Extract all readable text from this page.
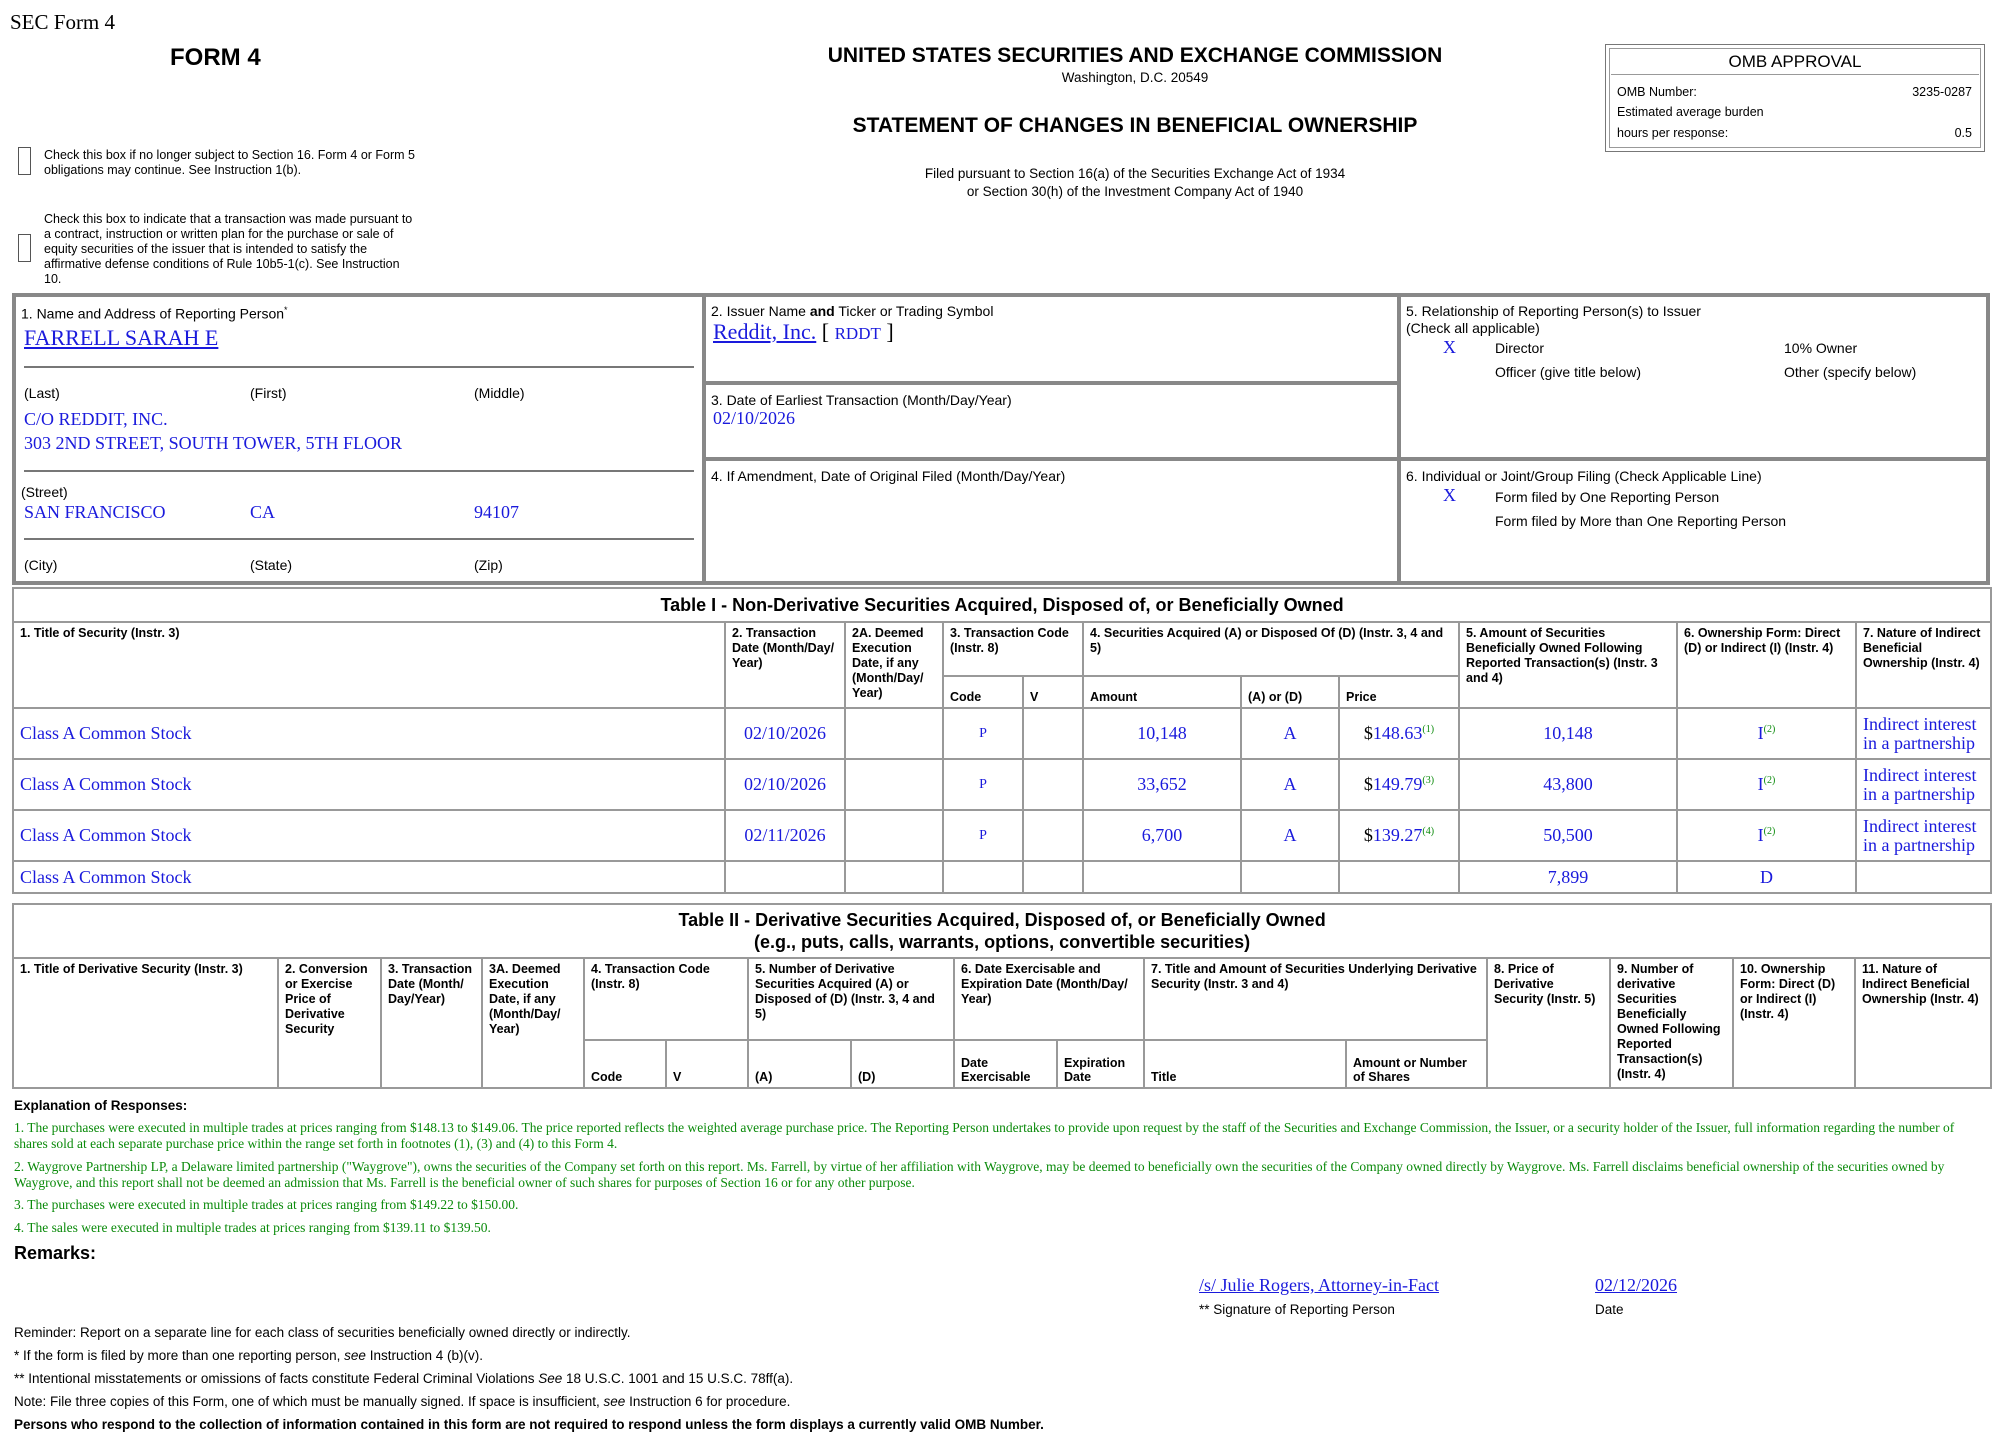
SEC Form 4
FORM 4	UNITED STATES SECURITIES AND EXCHANGE COMMISSION
Washington, D.C. 20549
STATEMENT OF CHANGES IN BENEFICIAL OWNERSHIP
Filed pursuant to Section 16(a) of the Securities Exchange Act of 1934
or Section 30(h) of the Investment Company Act of 1940
Check this box if no longer subject to Section 16. Form 4 or Form 5 obligations may continue. See Instruction 1(b).
Check this box to indicate that a transaction was made pursuant to a contract, instruction or written plan for the purchase or sale of equity securities of the issuer that is intended to satisfy the affirmative defense conditions of Rule 10b5-1(c). See Instruction 10.
OMB APPROVAL
OMB Number:	3235-0287
Estimated average burden
hours per response:	0.5
1. Name and Address of Reporting Person*
FARRELL SARAH E
(Last)	(First)	(Middle)
C/O REDDIT, INC.
303 2ND STREET, SOUTH TOWER, 5TH FLOOR
(Street)
SAN FRANCISCO	CA	94107
(City)	(State)	(Zip)
2. Issuer Name and Ticker or Trading Symbol
Reddit, Inc. [ RDDT ]
3. Date of Earliest Transaction (Month/Day/Year)
02/10/2026
4. If Amendment, Date of Original Filed (Month/Day/Year)
5. Relationship of Reporting Person(s) to Issuer
(Check all applicable)
X	Director	10% Owner
Officer (give title below)	Other (specify below)
6. Individual or Joint/Group Filing (Check Applicable Line)
X	Form filed by One Reporting Person
Form filed by More than One Reporting Person
Table I - Non-Derivative Securities Acquired, Disposed of, or Beneficially Owned										
1. Title of Security (Instr. 3)	2. Transaction Date (Month/Day/ Year)	2A. Deemed Execution Date, if any (Month/Day/ Year)	3. Transaction Code (Instr. 8)		4. Securities Acquired (A) or Disposed Of (D) (Instr. 3, 4 and 5)			5. Amount of Securities Beneficially Owned Following Reported Transaction(s) (Instr. 3 and 4)	6. Ownership Form: Direct (D) or Indirect (I) (Instr. 4)	7. Nature of Indirect Beneficial Ownership (Instr. 4)
			Code	V	Amount	(A) or (D)	Price			
Class A Common Stock	02/10/2026		P		10,148	A	$148.63$^{(1)}$	10,148	I$^{(2)}$	Indirect interest in a partnership
Class A Common Stock	02/10/2026		P		33,652	A	$149.79$^{(3)}$	43,800	I$^{(2)}$	Indirect interest in a partnership
Class A Common Stock	02/11/2026		P		6,700	A	$139.27$^{(4)}$	50,500	I$^{(2)}$	Indirect interest in a partnership
Class A Common Stock								7,899	D	
Table II - Derivative Securities Acquired, Disposed of, or Beneficially Owned
(e.g., puts, calls, warrants, options, convertible securities)															

1. Title of Derivative Security (Instr. 3)	2. Conversion or Exercise Price of Derivative Security	3. Transaction Date (Month/ Day/Year)	3A. Deemed Execution Date, if any (Month/Day/ Year)	4. Transaction Code (Instr. 8)		5. Number of Derivative Securities Acquired (A) or Disposed of (D) (Instr. 3, 4 and 5)		6. Date Exercisable and Expiration Date (Month/Day/ Year)		7. Title and Amount of Securities Underlying Derivative Security (Instr. 3 and 4)		8. Price of Derivative Security (Instr. 5)	9. Number of derivative Securities Beneficially Owned Following Reported Transaction(s) (Instr. 4)	10. Ownership Form: Direct (D) or Indirect (I) (Instr. 4)	11. Nature of Indirect Beneficial Ownership (Instr. 4)
				Code	V	(A)	(D)	Date Exercisable	Expiration Date	Title	Amount or Number of Shares				
Explanation of Responses:
1. The purchases were executed in multiple trades at prices ranging from $148.13 to $149.06. The price reported reflects the weighted average purchase price. The Reporting Person undertakes to provide upon request by the staff of the Securities and Exchange Commission, the Issuer, or a security holder of the Issuer, full information regarding the number of shares sold at each separate purchase price within the range set forth in footnotes (1), (3) and (4) to this Form 4.
2. Waygrove Partnership LP, a Delaware limited partnership ("Waygrove"), owns the securities of the Company set forth on this report. Ms. Farrell, by virtue of her affiliation with Waygrove, may be deemed to beneficially own the securities of the Company owned directly by Waygrove. Ms. Farrell disclaims beneficial ownership of the securities owned by Waygrove, and this report shall not be deemed an admission that Ms. Farrell is the beneficial owner of such shares for purposes of Section 16 or for any other purpose.
3. The purchases were executed in multiple trades at prices ranging from $149.22 to $150.00.
4. The sales were executed in multiple trades at prices ranging from $139.11 to $139.50.
Remarks:
/s/ Julie Rogers, Attorney-in-Fact
** Signature of Reporting Person
02/12/2026
Date
Reminder: Report on a separate line for each class of securities beneficially owned directly or indirectly.
* If the form is filed by more than one reporting person, see Instruction 4 (b)(v).
** Intentional misstatements or omissions of facts constitute Federal Criminal Violations See 18 U.S.C. 1001 and 15 U.S.C. 78ff(a).
Note: File three copies of this Form, one of which must be manually signed. If space is insufficient, see Instruction 6 for procedure.
Persons who respond to the collection of information contained in this form are not required to respond unless the form displays a currently valid OMB Number.
